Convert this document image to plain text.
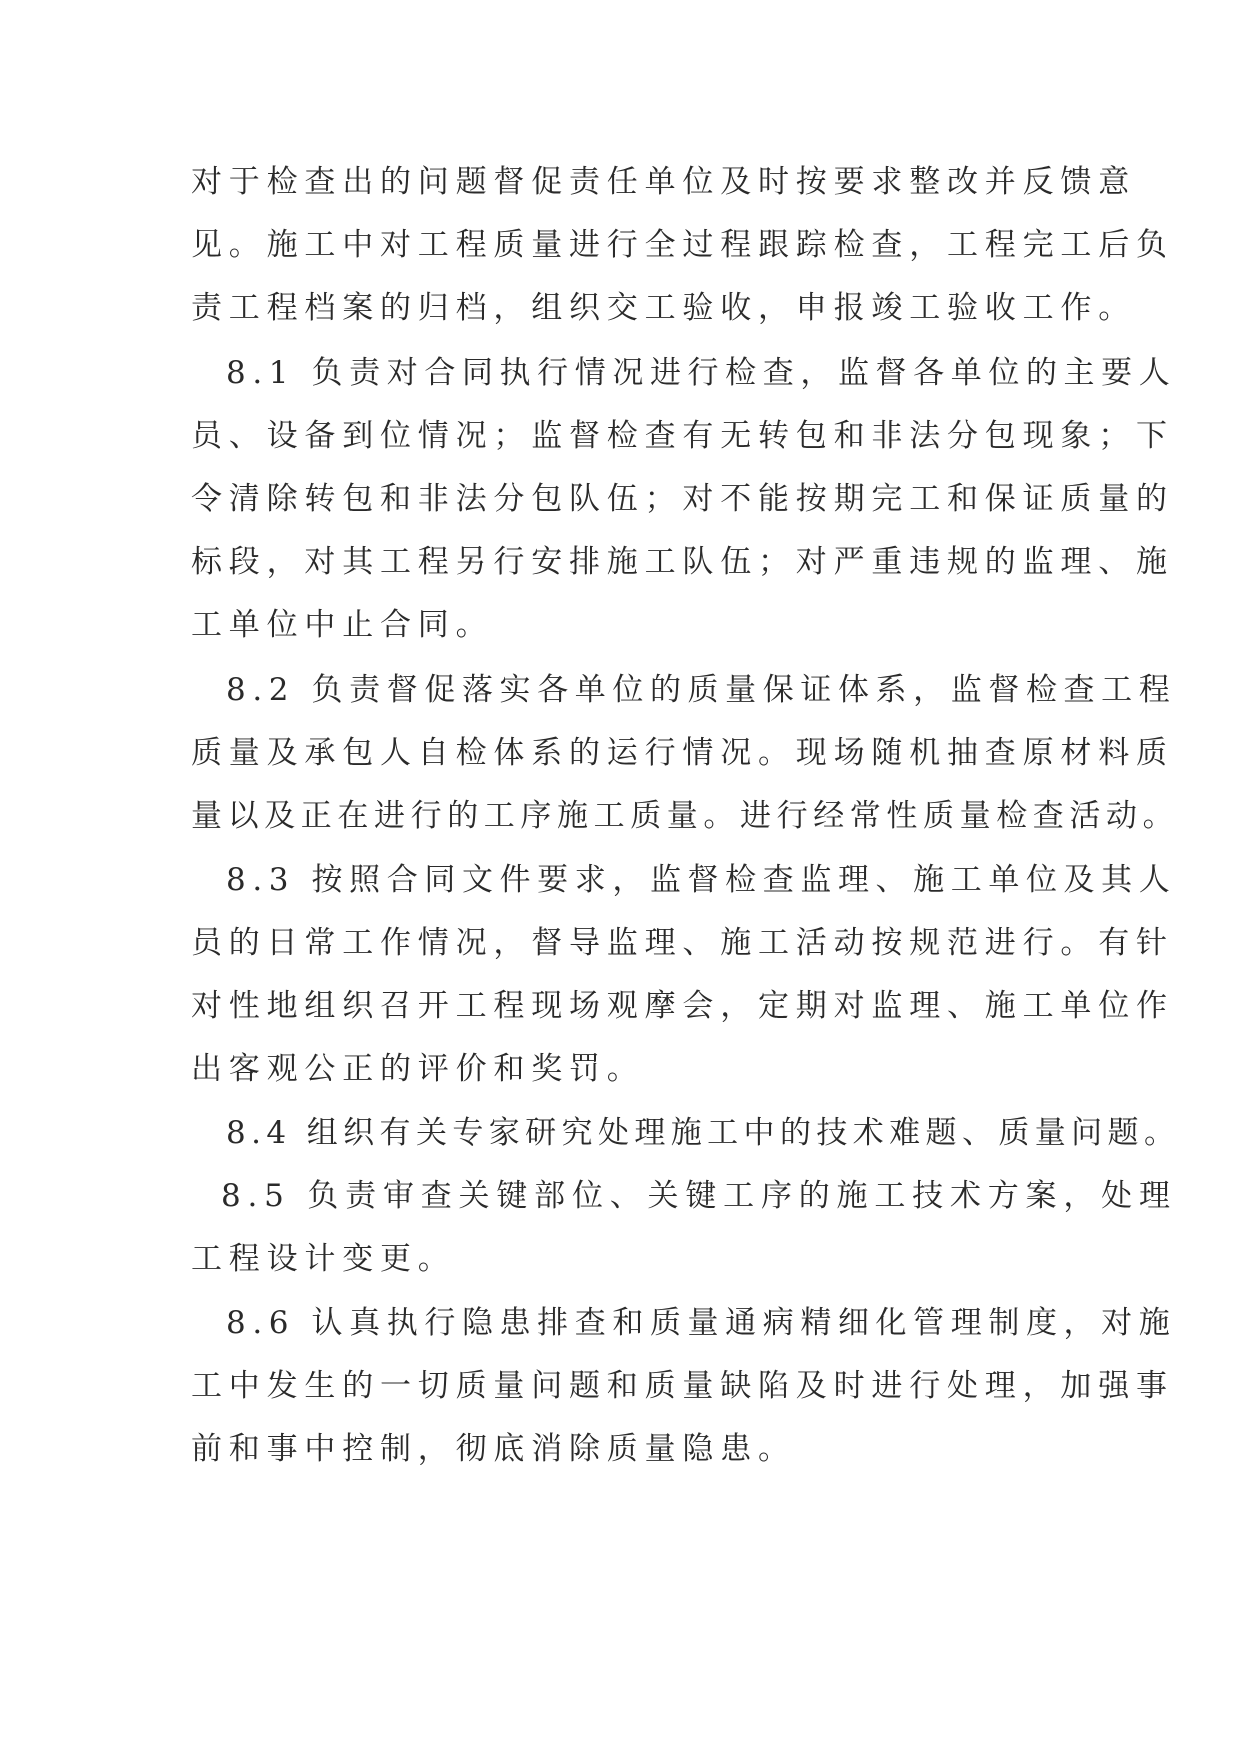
对于检查出的问题督促责任单位及时按要求整改并反馈意
见。施工中对工程质量进行全过程跟踪检查，工程完工后负
责工程档案的归档，组织交工验收，申报竣工验收工作。
8.1 负责对合同执行情况进行检查，监督各单位的主要人
员、设备到位情况；监督检查有无转包和非法分包现象；下
令清除转包和非法分包队伍；对不能按期完工和保证质量的
标段，对其工程另行安排施工队伍；对严重违规的监理、施
工单位中止合同。
8.2 负责督促落实各单位的质量保证体系，监督检查工程
质量及承包人自检体系的运行情况。现场随机抽查原材料质
量以及正在进行的工序施工质量。进行经常性质量检查活动。
8.3 按照合同文件要求，监督检查监理、施工单位及其人
员的日常工作情况，督导监理、施工活动按规范进行。有针
对性地组织召开工程现场观摩会，定期对监理、施工单位作
出客观公正的评价和奖罚。
8.4 组织有关专家研究处理施工中的技术难题、质量问题。
8.5 负责审查关键部位、关键工序的施工技术方案，处理
工程设计变更。
8.6 认真执行隐患排查和质量通病精细化管理制度，对施
工中发生的一切质量问题和质量缺陷及时进行处理，加强事
前和事中控制，彻底消除质量隐患。
